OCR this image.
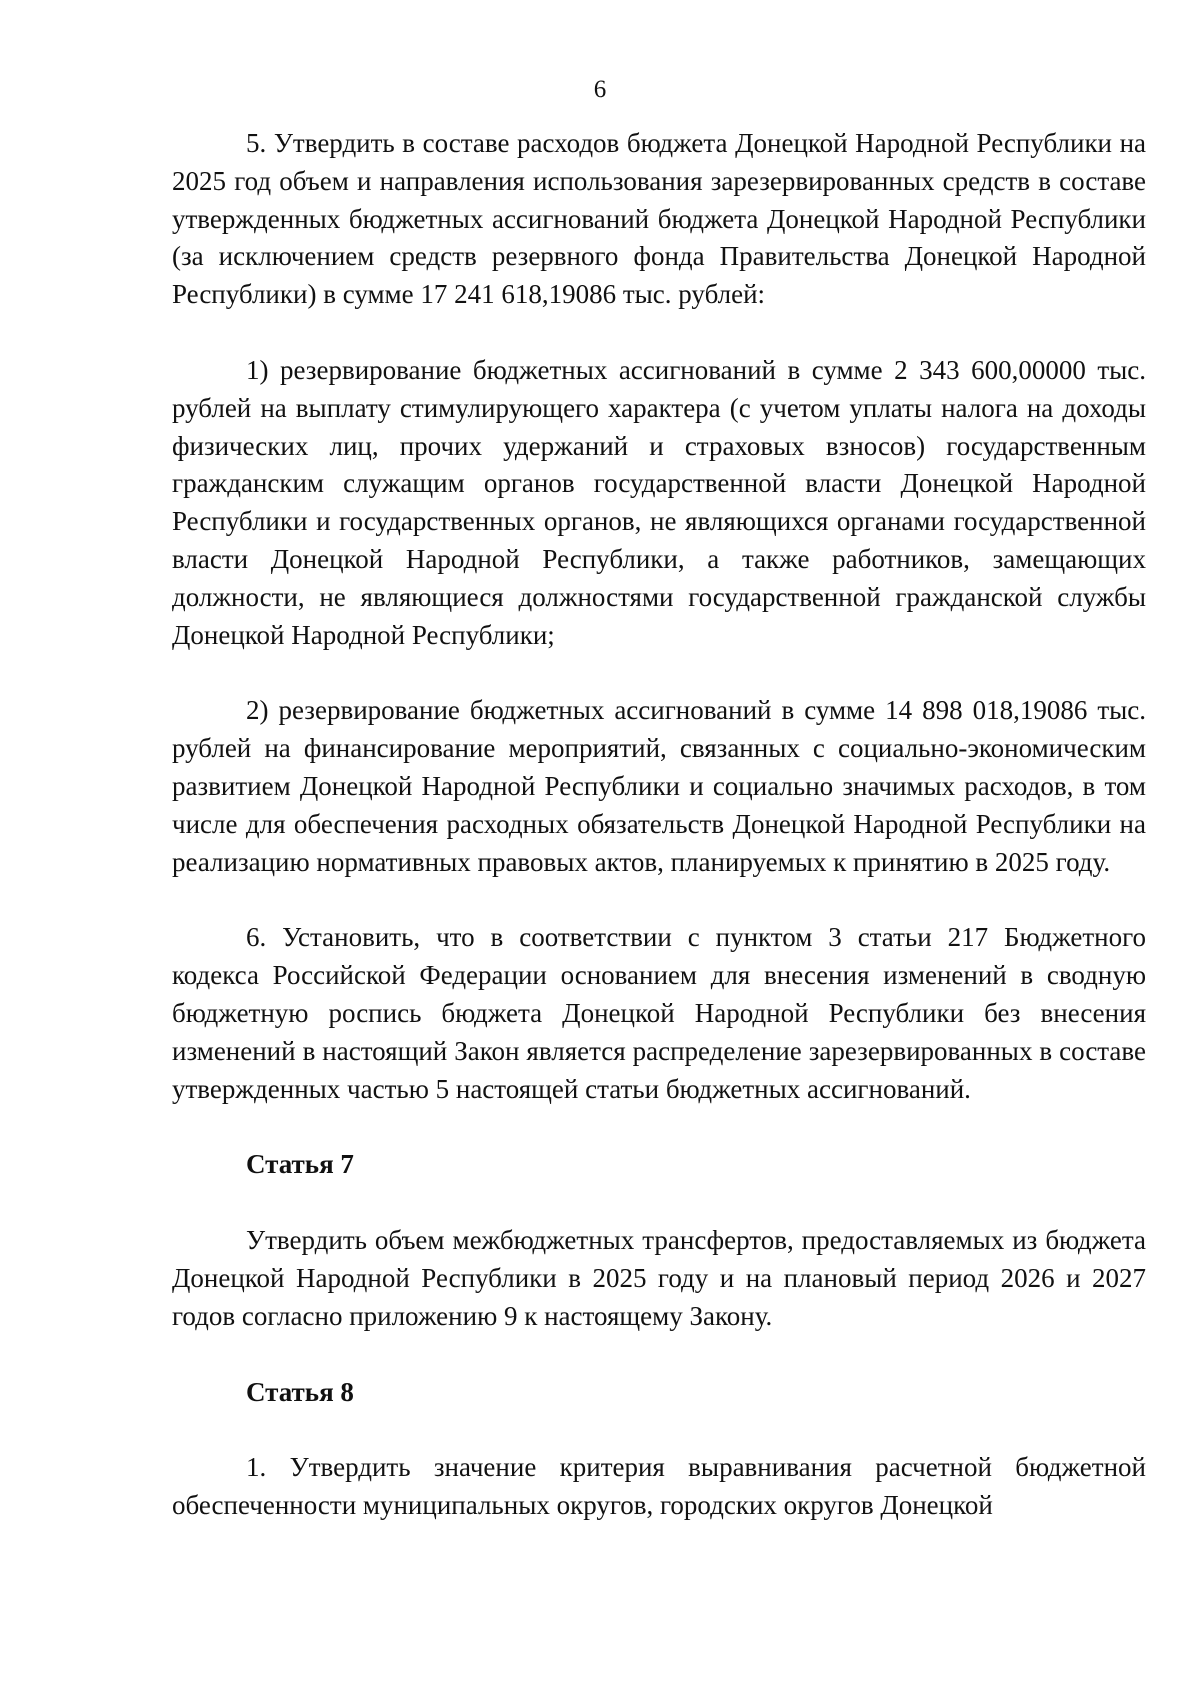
6

5. Утвердить в составе расходов бюджета Донецкой Народной Республики на 2025 год объем и направления использования зарезервированных средств в составе утвержденных бюджетных ассигнований бюджета Донецкой Народной Республики (за исключением средств резервного фонда Правительства Донецкой Народной Республики) в сумме 17 241 618,19086 тыс. рублей:

1) резервирование бюджетных ассигнований в сумме 2 343 600,00000 тыс. рублей на выплату стимулирующего характера (с учетом уплаты налога на доходы физических лиц, прочих удержаний и страховых взносов) государственным гражданским служащим органов государственной власти Донецкой Народной Республики и государственных органов, не являющихся органами государственной власти Донецкой Народной Республики, а также работников, замещающих должности, не являющиеся должностями государственной гражданской службы Донецкой Народной Республики;

2) резервирование бюджетных ассигнований в сумме 14 898 018,19086 тыс. рублей на финансирование мероприятий, связанных с социально-экономическим развитием Донецкой Народной Республики и социально значимых расходов, в том числе для обеспечения расходных обязательств Донецкой Народной Республики на реализацию нормативных правовых актов, планируемых к принятию в 2025 году.

6. Установить, что в соответствии с пунктом 3 статьи 217 Бюджетного кодекса Российской Федерации основанием для внесения изменений в сводную бюджетную роспись бюджета Донецкой Народной Республики без внесения изменений в настоящий Закон является распределение зарезервированных в составе утвержденных частью 5 настоящей статьи бюджетных ассигнований.

Статья 7

Утвердить объем межбюджетных трансфертов, предоставляемых из бюджета Донецкой Народной Республики в 2025 году и на плановый период 2026 и 2027 годов согласно приложению 9 к настоящему Закону.

Статья 8

1. Утвердить значение критерия выравнивания расчетной бюджетной обеспеченности муниципальных округов, городских округов Донецкой
